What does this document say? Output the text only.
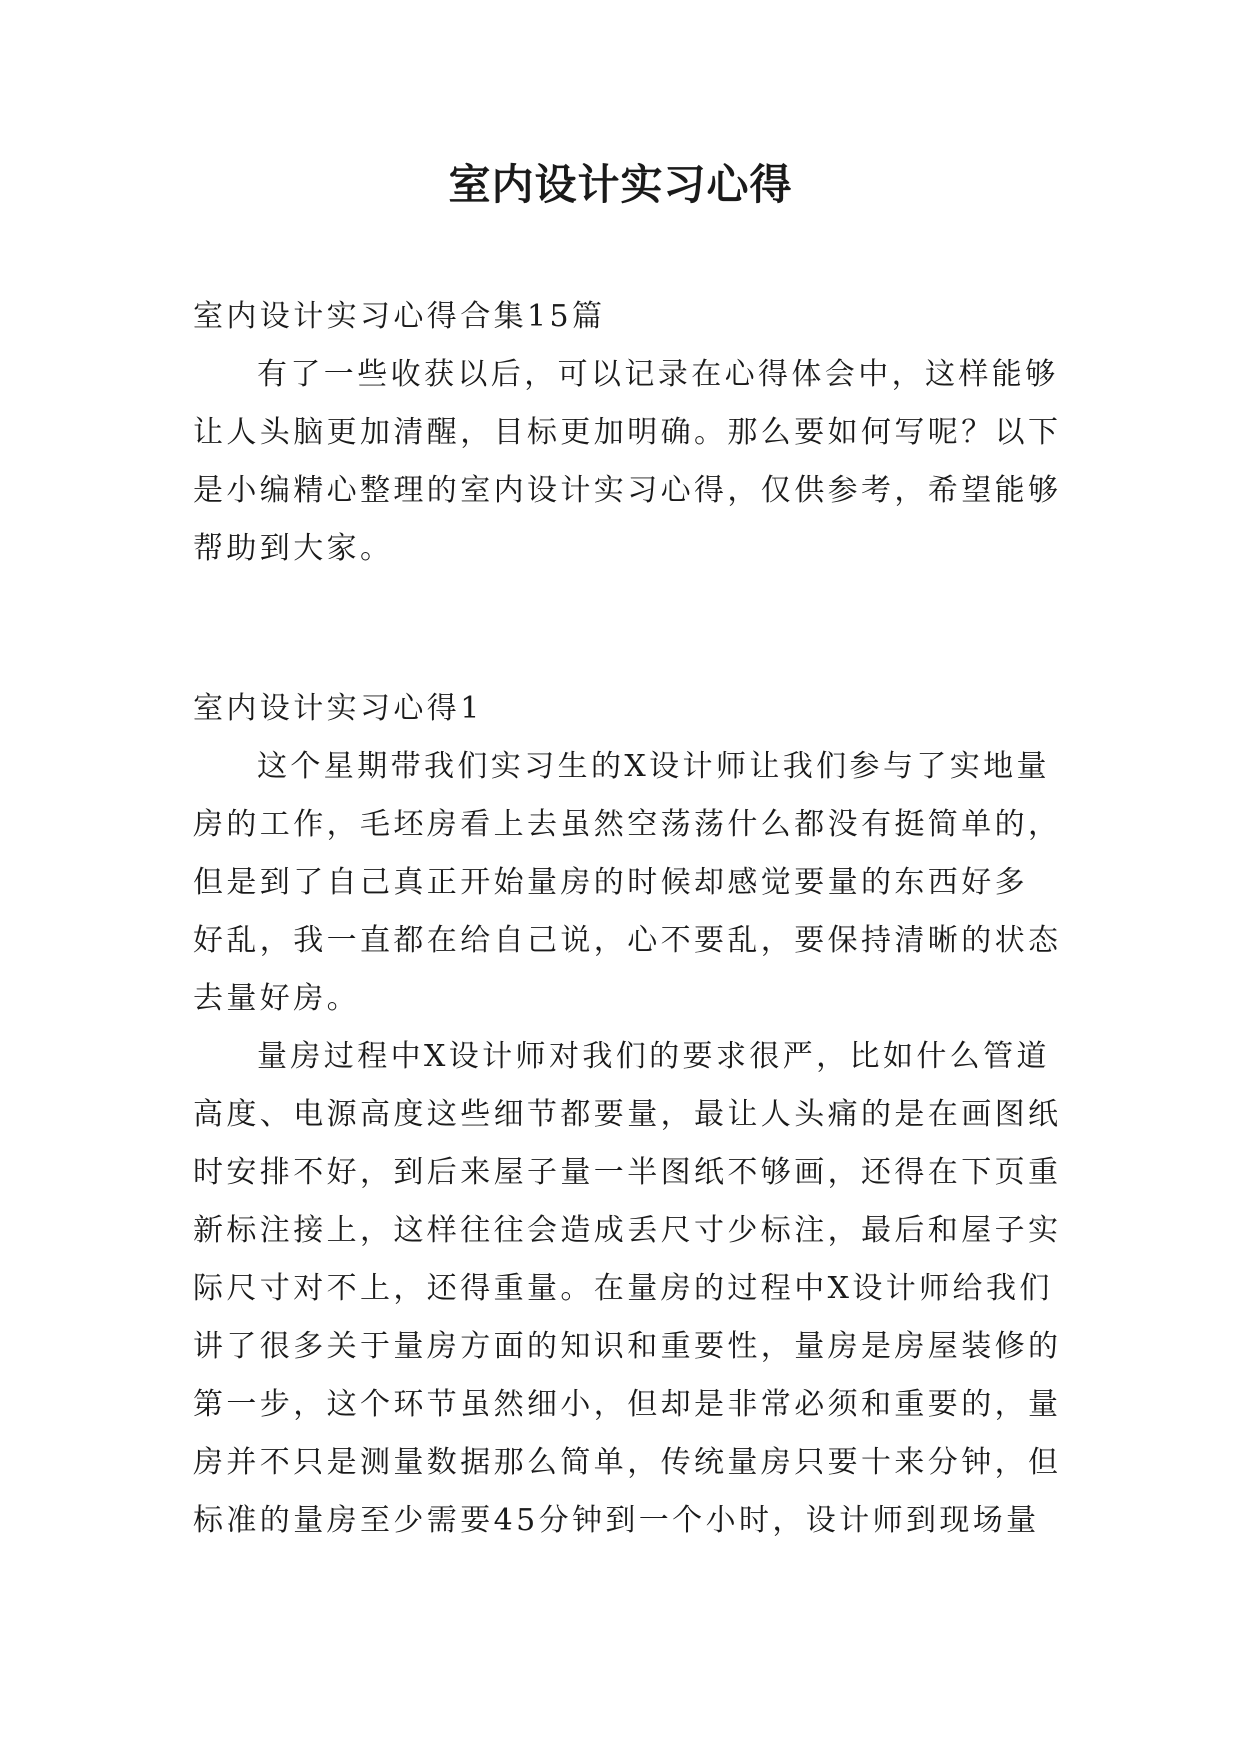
室内设计实习心得

室内设计实习心得合集15篇

有了一些收获以后，可以记录在心得体会中，这样能够

让人头脑更加清醒，目标更加明确。那么要如何写呢？以下

是小编精心整理的室内设计实习心得，仅供参考，希望能够

帮助到大家。

室内设计实习心得1

这个星期带我们实习生的X设计师让我们参与了实地量

房的工作，毛坯房看上去虽然空荡荡什么都没有挺简单的，

但是到了自己真正开始量房的时候却感觉要量的东西好多

好乱，我一直都在给自己说，心不要乱，要保持清晰的状态

去量好房。

量房过程中X设计师对我们的要求很严，比如什么管道

高度、电源高度这些细节都要量，最让人头痛的是在画图纸

时安排不好，到后来屋子量一半图纸不够画，还得在下页重

新标注接上，这样往往会造成丢尺寸少标注，最后和屋子实

际尺寸对不上，还得重量。在量房的过程中X设计师给我们

讲了很多关于量房方面的知识和重要性，量房是房屋装修的

第一步，这个环节虽然细小，但却是非常必须和重要的，量

房并不只是测量数据那么简单，传统量房只要十来分钟，但

标准的量房至少需要45分钟到一个小时，设计师到现场量
